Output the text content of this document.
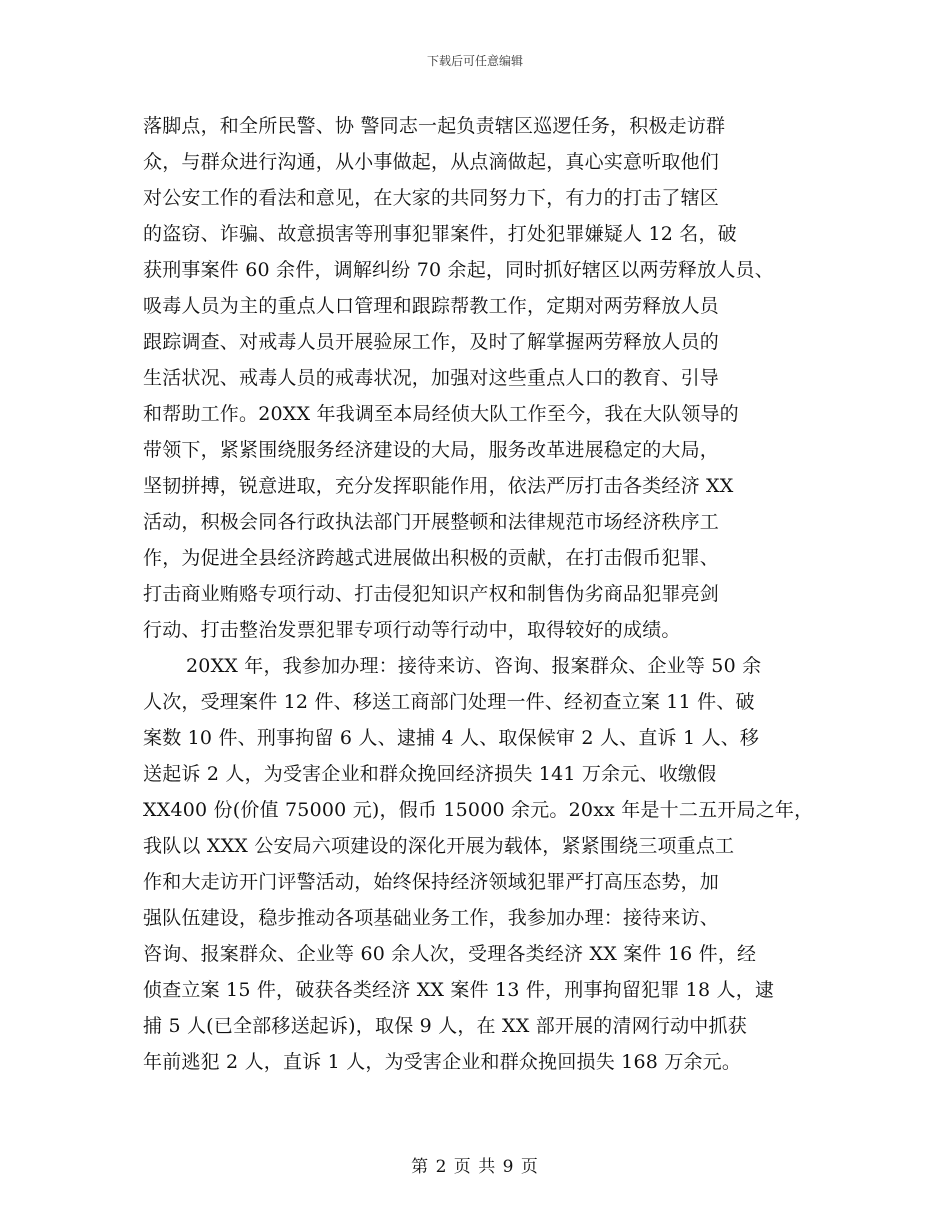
下载后可任意编辑
落脚点，和全所民警、协 警同志一起负责辖区巡逻任务，积极走访群
众，与群众进行沟通，从小事做起，从点滴做起，真心实意听取他们
对公安工作的看法和意见，在大家的共同努力下，有力的打击了辖区
的盗窃、诈骗、故意损害等刑事犯罪案件，打处犯罪嫌疑人 12 名，破
获刑事案件 60 余件，调解纠纷 70 余起，同时抓好辖区以两劳释放人员、
吸毒人员为主的重点人口管理和跟踪帮教工作，定期对两劳释放人员
跟踪调查、对戒毒人员开展验尿工作，及时了解掌握两劳释放人员的
生活状况、戒毒人员的戒毒状况，加强对这些重点人口的教育、引导
和帮助工作。20XX 年我调至本局经侦大队工作至今，我在大队领导的
带领下，紧紧围绕服务经济建设的大局，服务改革进展稳定的大局，
坚韧拼搏，锐意进取，充分发挥职能作用，依法严厉打击各类经济 XX
活动，积极会同各行政执法部门开展整顿和法律规范市场经济秩序工
作，为促进全县经济跨越式进展做出积极的贡献，在打击假币犯罪、
打击商业贿赂专项行动、打击侵犯知识产权和制售伪劣商品犯罪亮剑
行动、打击整治发票犯罪专项行动等行动中，取得较好的成绩。
20XX 年，我参加办理：接待来访、咨询、报案群众、企业等 50 余
人次，受理案件 12 件、移送工商部门处理一件、经初查立案 11 件、破
案数 10 件、刑事拘留 6 人、逮捕 4 人、取保候审 2 人、直诉 1 人、移
送起诉 2 人，为受害企业和群众挽回经济损失 141 万余元、收缴假
XX400 份(价值 75000 元)，假币 15000 余元。20xx 年是十二五开局之年，
我队以 XXX 公安局六项建设的深化开展为载体，紧紧围绕三项重点工
作和大走访开门评警活动，始终保持经济领域犯罪严打高压态势，加
强队伍建设，稳步推动各项基础业务工作，我参加办理：接待来访、
咨询、报案群众、企业等 60 余人次，受理各类经济 XX 案件 16 件，经
侦查立案 15 件，破获各类经济 XX 案件 13 件，刑事拘留犯罪 18 人，逮
捕 5 人(已全部移送起诉)，取保 9 人，在 XX 部开展的清网行动中抓获
年前逃犯 2 人，直诉 1 人，为受害企业和群众挽回损失 168 万余元。
第 2 页 共 9 页
